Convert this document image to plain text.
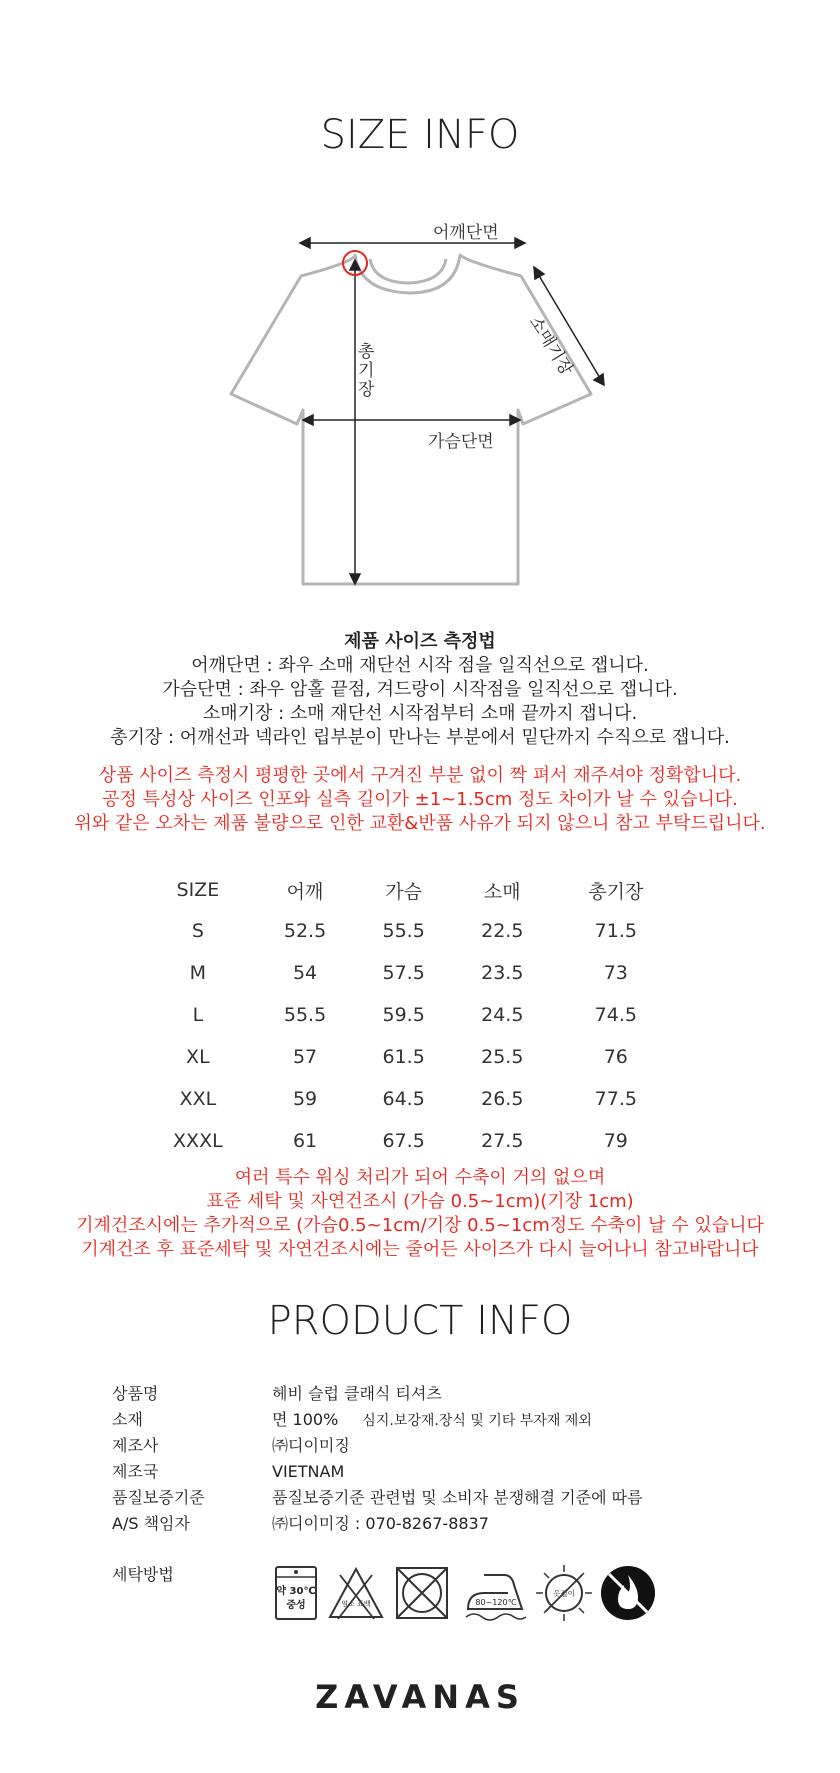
SIZE INFO
어깨단면
가슴단면
총기장
소매기장

제품 사이즈 측정법

어깨단면 : 좌우 소매 재단선 시작 점을 일직선으로 잽니다.

가슴단면 : 좌우 암홀 끝점, 겨드랑이 시작점을 일직선으로 잽니다.

소매기장 : 소매 재단선 시작점부터 소매 끝까지 잽니다.

총기장 : 어깨선과 넥라인 립부분이 만나는 부분에서 밑단까지 수직으로 잽니다.

상품 사이즈 측정시 평평한 곳에서 구겨진 부분 없이 짝 펴서 재주셔야 정확합니다.

공정 특성상 사이즈 인포와 실측 길이가 ±1~1.5cm 정도 차이가 날 수 있습니다.

위와 같은 오차는 제품 불량으로 인한 교환&반품 사유가 되지 않으니 참고 부탁드립니다.

SIZE	어깨	가슴	소매	총기장
S	52.5	55.5	22.5	71.5
M	54	57.5	23.5	73
L	55.5	59.5	24.5	74.5
XL	57	61.5	25.5	76
XXL	59	64.5	26.5	77.5
XXXL	61	67.5	27.5	79

여러 특수 워싱 처리가 되어 수축이 거의 없으며

표준 세탁 및 자연건조시 (가슴 0.5~1cm)(기장 1cm)

기계건조시에는 추가적으로 (가슴0.5~1cm/기장 0.5~1cm정도 수축이 날 수 있습니다

기계건조 후 표준세탁 및 자연건조시에는 줄어든 사이즈가 다시 늘어나니 참고바랍니다

PRODUCT INFO
상품명	헤비 슬럽 클래식 티셔츠
소재	면 100% 심지.보강재.장식 및 기타 부자재 제외
제조사	㈜디이미징
제조국	VIETNAM
품질보증기준	품질보증기준 관련법 및 소비자 분쟁해결 기준에 따름
A/S 책임자	㈜디이미징 : 070-8267-8837
세탁방법
약 30℃
중성	염소 표백	80~120℃
옷걸이
ZAVANAS
